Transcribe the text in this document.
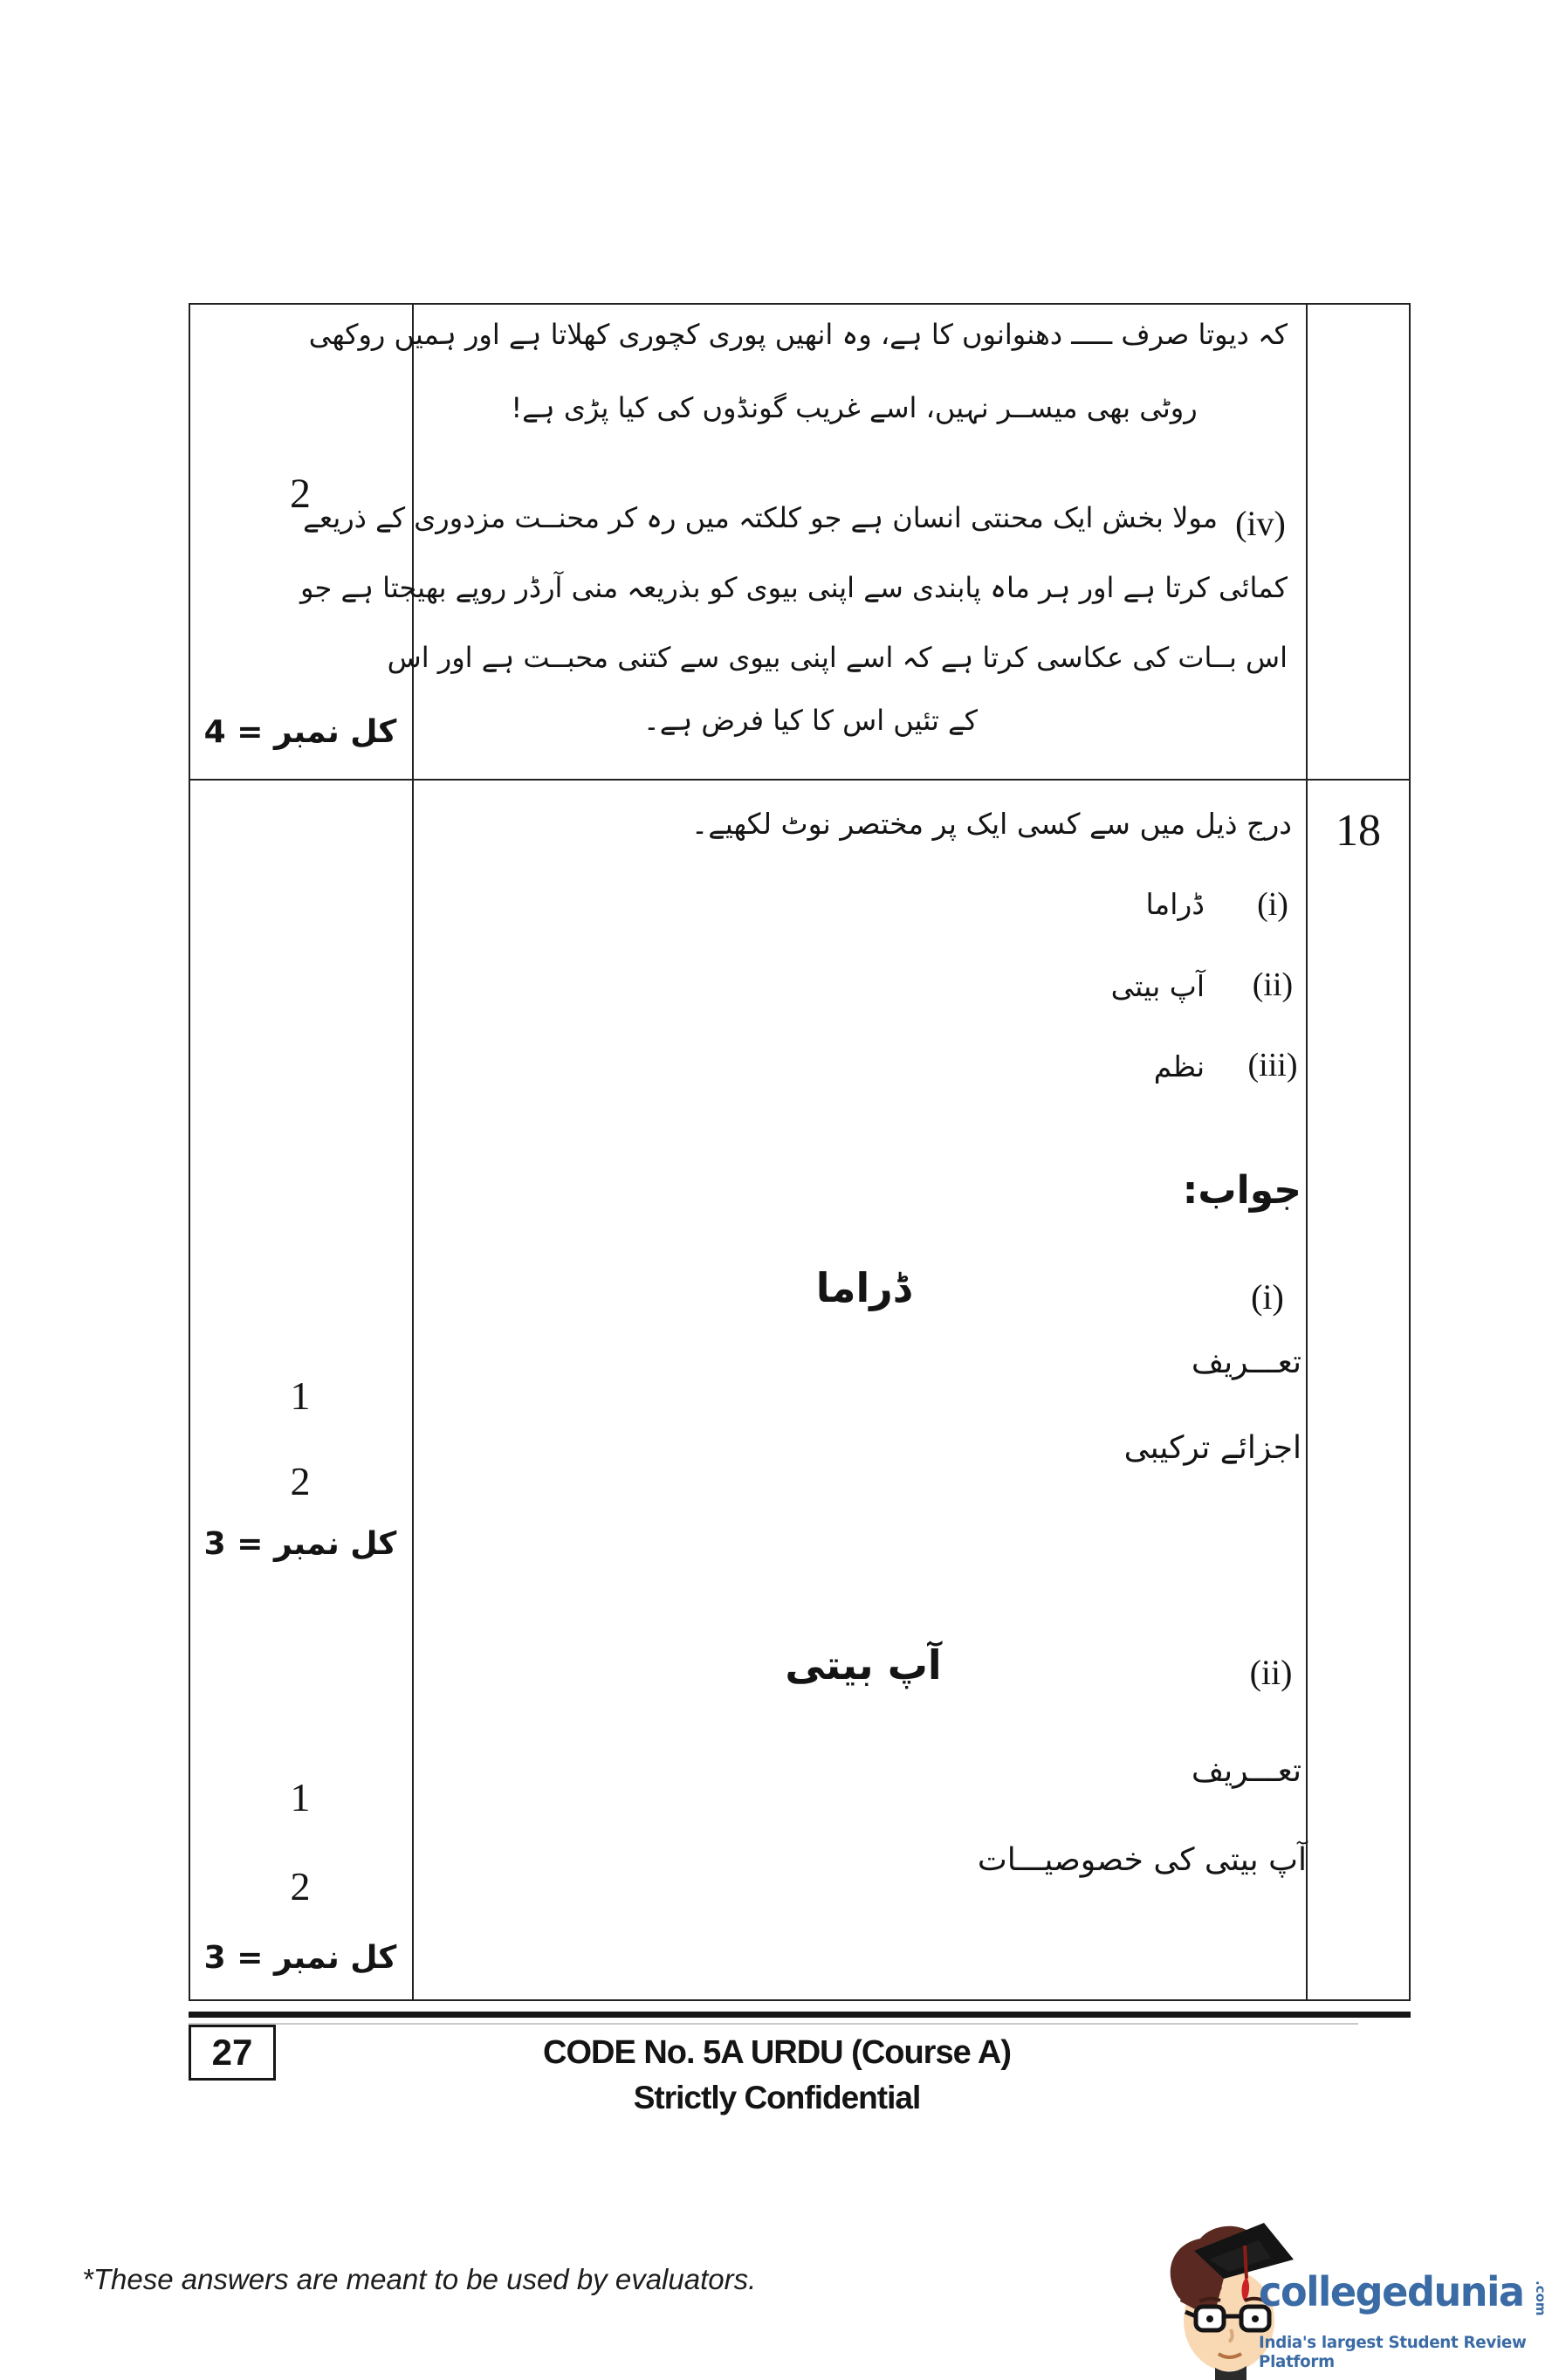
2
کل نمبر = 4
کہ دیوتا صرف ـــــ دھنوانوں کا ہے، وہ انھیں پوری کچوری کھلاتا ہے اور ہمیں روکھی
روٹی بھی میســر نہیں، اسے غریب گونڈوں کی کیا پڑی ہے!
(iv)
مولا بخش ایک محنتی انسان ہے جو کلکتہ میں رہ کر محنــت مزدوری کے ذریعے
کمائی کرتا ہے اور ہر ماہ پابندی سے اپنی بیوی کو بذریعہ منی آرڈر روپے بھیجتا ہے جو
اس بــات کی عکاسی کرتا ہے کہ اسے اپنی بیوی سے کتنی محبــت ہے اور اس
کے تئیں اس کا کیا فرض ہے۔
18
درج ذیل میں سے کسی ایک پر مختصر نوٹ لکھیے۔
(i)
ڈراما
(ii)
آپ بیتی
(iii)
نظم
جواب:
(i)
ڈراما
تعـــریف
1
اجزائے ترکیبی
2
کل نمبر = 3
(ii)
آپ بیتی
تعـــریف
1
آپ بیتی کی خصوصیـــات
2
کل نمبر = 3
27	CODE No. 5A URDU (Course A)
Strictly Confidential
*These answers are meant to be used by evaluators.	collegedunia .com
India's largest Student Review Platform
